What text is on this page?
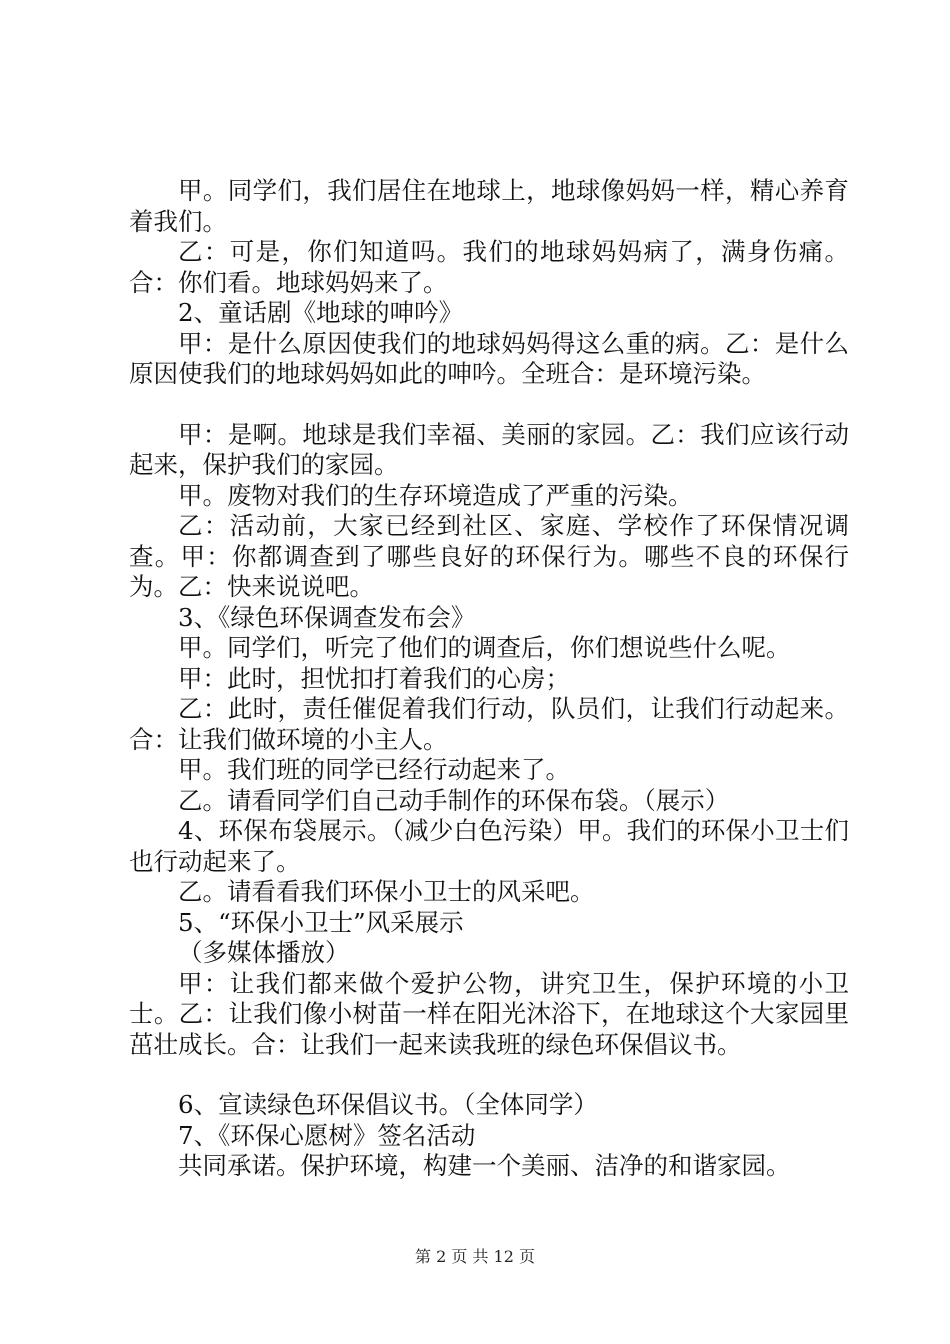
甲。同学们，我们居住在地球上，地球像妈妈一样，精心养育着我们。

乙：可是，你们知道吗。我们的地球妈妈病了，满身伤痛。合：你们看。地球妈妈来了。

2、童话剧《地球的呻吟》

甲：是什么原因使我们的地球妈妈得这么重的病。乙：是什么原因使我们的地球妈妈如此的呻吟。全班合：是环境污染。

甲：是啊。地球是我们幸福、美丽的家园。乙：我们应该行动起来，保护我们的家园。

甲。废物对我们的生存环境造成了严重的污染。

乙：活动前，大家已经到社区、家庭、学校作了环保情况调查。甲：你都调查到了哪些良好的环保行为。哪些不良的环保行为。乙：快来说说吧。

3、《绿色环保调查发布会》

甲。同学们，听完了他们的调查后，你们想说些什么呢。

甲：此时，担忧扣打着我们的心房；

乙：此时，责任催促着我们行动，队员们，让我们行动起来。合：让我们做环境的小主人。

甲。我们班的同学已经行动起来了。

乙。请看同学们自己动手制作的环保布袋。（展示）

4、环保布袋展示。（减少白色污染）甲。我们的环保小卫士们也行动起来了。

乙。请看看我们环保小卫士的风采吧。

5、“环保小卫士”风采展示

（多媒体播放）

甲：让我们都来做个爱护公物，讲究卫生，保护环境的小卫士。乙：让我们像小树苗一样在阳光沐浴下，在地球这个大家园里茁壮成长。合：让我们一起来读我班的绿色环保倡议书。

6、宣读绿色环保倡议书。（全体同学）

7、《环保心愿树》签名活动

共同承诺。保护环境，构建一个美丽、洁净的和谐家园。

第 2 页 共 12 页
